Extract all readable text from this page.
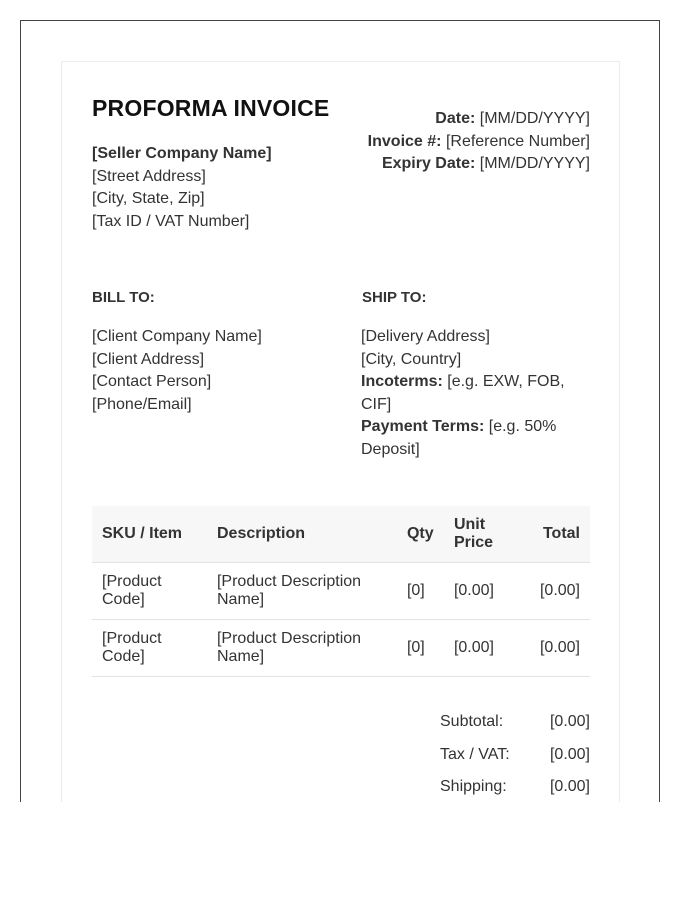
PROFORMA INVOICE
[Seller Company Name]
[Street Address]
[City, State, Zip]
[Tax ID / VAT Number]
Date: [MM/DD/YYYY]
Invoice #: [Reference Number]
Expiry Date: [MM/DD/YYYY]
BILL TO:	SHIP TO:
[Client Company Name]
[Client Address]
[Contact Person]
[Phone/Email]
[Delivery Address]
[City, Country]
Incoterms: [e.g. EXW, FOB, CIF]
Payment Terms: [e.g. 50% Deposit]
SKU / Item	Description	Qty	Unit Price	Total
[Product Code]	[Product Description Name]	[0]	[0.00]	[0.00]
[Product Code]	[Product Description Name]	[0]	[0.00]	[0.00]
Subtotal:	[0.00]
Tax / VAT:	[0.00]
Shipping:	[0.00]
